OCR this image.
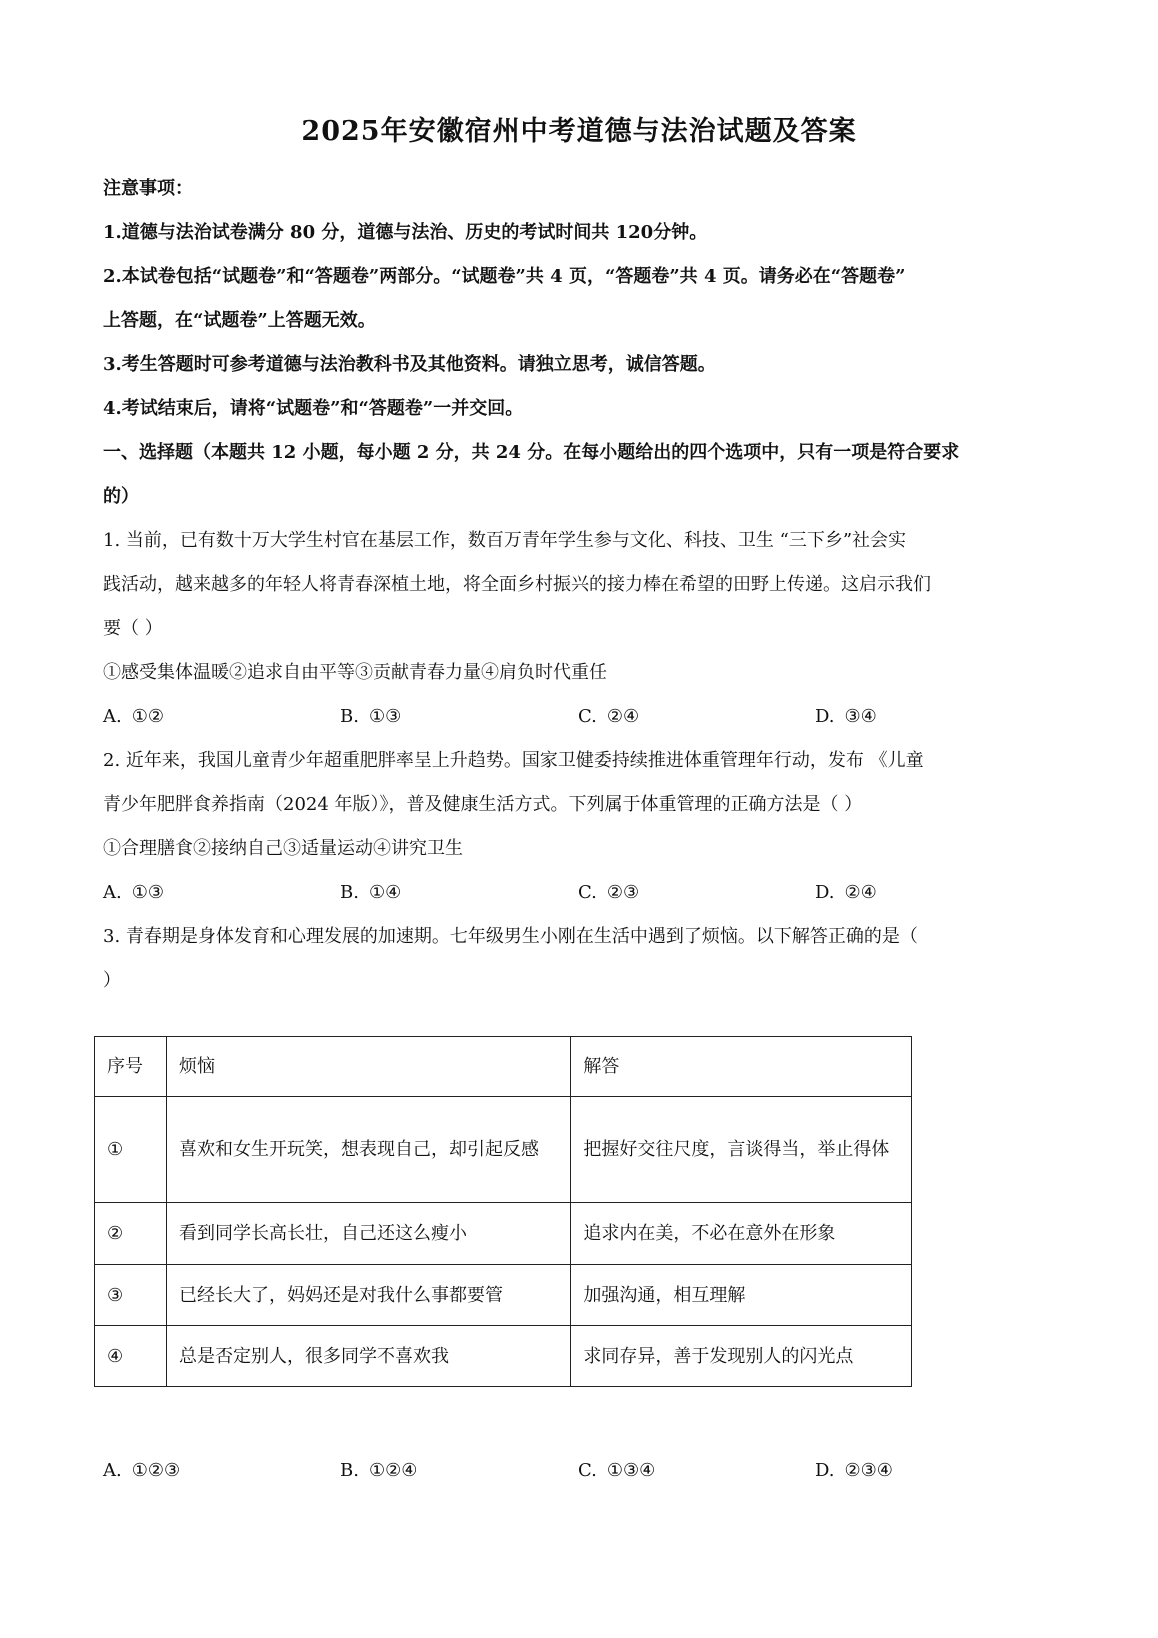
2025年安徽宿州中考道德与法治试题及答案
注意事项：
1.道德与法治试卷满分 80 分，道德与法治、历史的考试时间共 120分钟。
2.本试卷包括“试题卷”和“答题卷”两部分。“试题卷”共 4 页，“答题卷”共 4 页。请务必在“答题卷”
上答题，在“试题卷”上答题无效。
3.考生答题时可参考道德与法治教科书及其他资料。请独立思考，诚信答题。
4.考试结束后，请将“试题卷”和“答题卷”一并交回。
一、选择题（本题共 12 小题，每小题 2 分，共 24 分。在每小题给出的四个选项中，只有一项是符合要求
的）
1. 当前，已有数十万大学生村官在基层工作，数百万青年学生参与文化、科技、卫生 “三下乡”社会实
践活动，越来越多的年轻人将青春深植土地，将全面乡村振兴的接力棒在希望的田野上传递。这启示我们
要（ ）
①感受集体温暖②追求自由平等③贡献青春力量④肩负时代重任
A. ①②	B. ①③	C. ②④	D. ③④
2. 近年来，我国儿童青少年超重肥胖率呈上升趋势。国家卫健委持续推进体重管理年行动，发布 《儿童
青少年肥胖食养指南（2024 年版）》，普及健康生活方式。下列属于体重管理的正确方法是（ ）
①合理膳食②接纳自己③适量运动④讲究卫生
A. ①③	B. ①④	C. ②③	D. ②④
3. 青春期是身体发育和心理发展的加速期。七年级男生小刚在生活中遇到了烦恼。以下解答正确的是（
）
序号	烦恼	解答
①	喜欢和女生开玩笑，想表现自己，却引起反感	把握好交往尺度，言谈得当，举止得体
②	看到同学长高长壮，自己还这么瘦小	追求内在美，不必在意外在形象
③	已经长大了，妈妈还是对我什么事都要管	加强沟通，相互理解
④	总是否定别人，很多同学不喜欢我	求同存异，善于发现别人的闪光点
A. ①②③	B. ①②④	C. ①③④	D. ②③④
